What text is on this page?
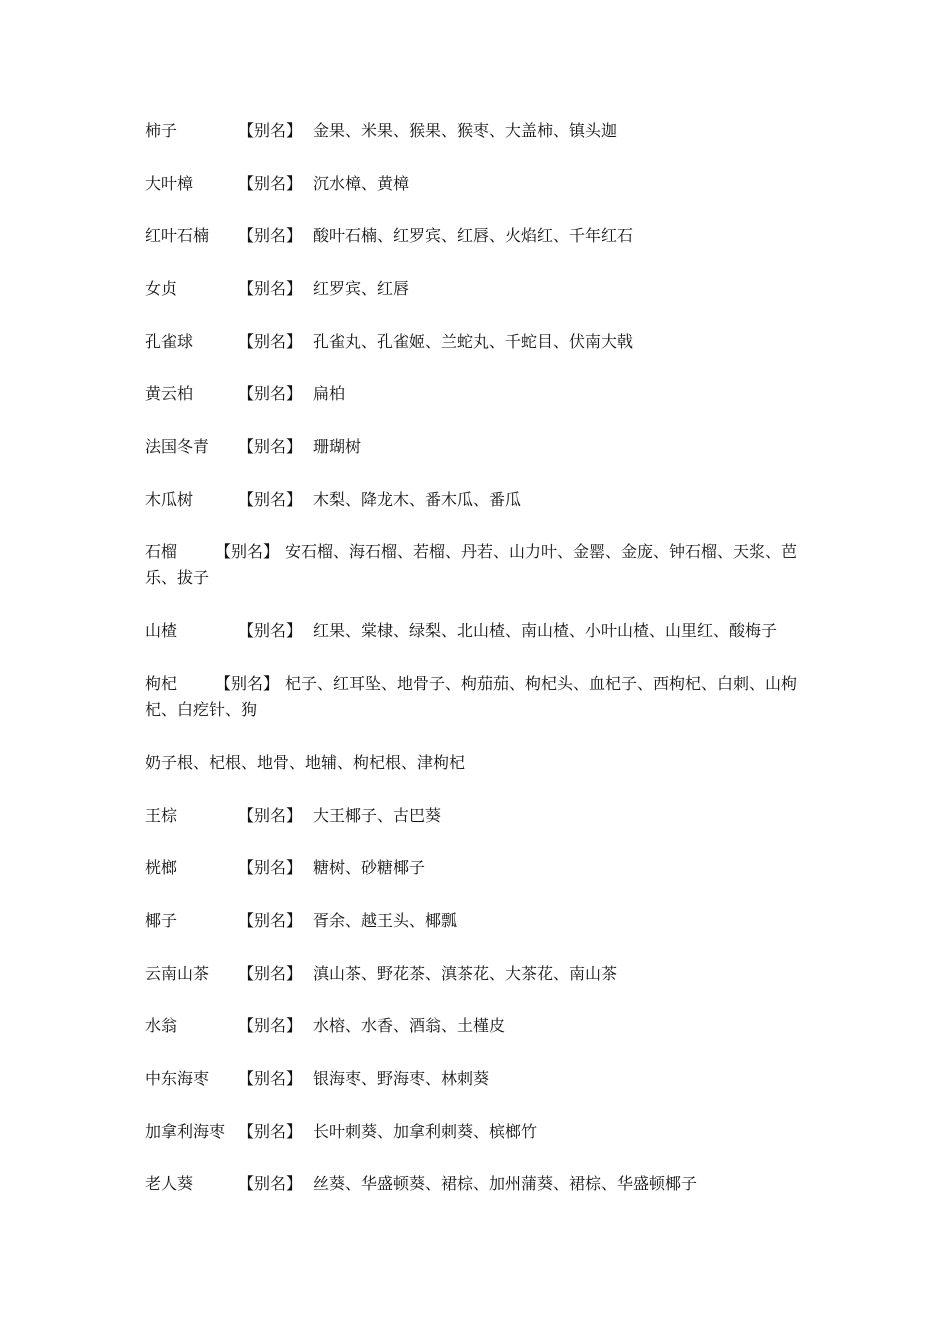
柿子	【别名】 金果、米果、猴果、猴枣、大盖柿、镇头迦
大叶樟	【别名】 沉水樟、黄樟
红叶石楠 【别名】 酸叶石楠、红罗宾、红唇、火焰红、千年红石
女贞	【别名】 红罗宾、红唇
孔雀球	【别名】 孔雀丸、孔雀姬、兰蛇丸、千蛇目、伏南大戟
黄云柏	【别名】 扁柏
法国冬青 【别名】 珊瑚树
木瓜树	【别名】 木梨、降龙木、番木瓜、番瓜
石榴 【别名】 安石榴、海石榴、若榴、丹若、山力叶、金罂、金庞、钟石榴、天浆、芭乐、拔子
山楂	【别名】 红果、棠棣、绿梨、北山楂、南山楂、小叶山楂、山里红、酸梅子
枸杞 【别名】 杞子、红耳坠、地骨子、枸茄茄、枸杞头、血杞子、西枸杞、白刺、山枸杞、白疙针、狗
奶子根、杞根、地骨、地辅、枸杞根、津枸杞
王棕	【别名】 大王椰子、古巴葵
桄榔	【别名】 糖树、砂糖椰子
椰子	【别名】 胥余、越王头、椰瓢
云南山茶 【别名】 滇山茶、野花茶、滇茶花、大茶花、南山茶
水翁	【别名】 水榕、水香、酒翁、土槿皮
中东海枣 【别名】 银海枣、野海枣、林刺葵
加拿利海枣 【别名】 长叶刺葵、加拿利刺葵、槟榔竹
老人葵	【别名】 丝葵、华盛顿葵、裙棕、加州蒲葵、裙棕、华盛顿椰子
